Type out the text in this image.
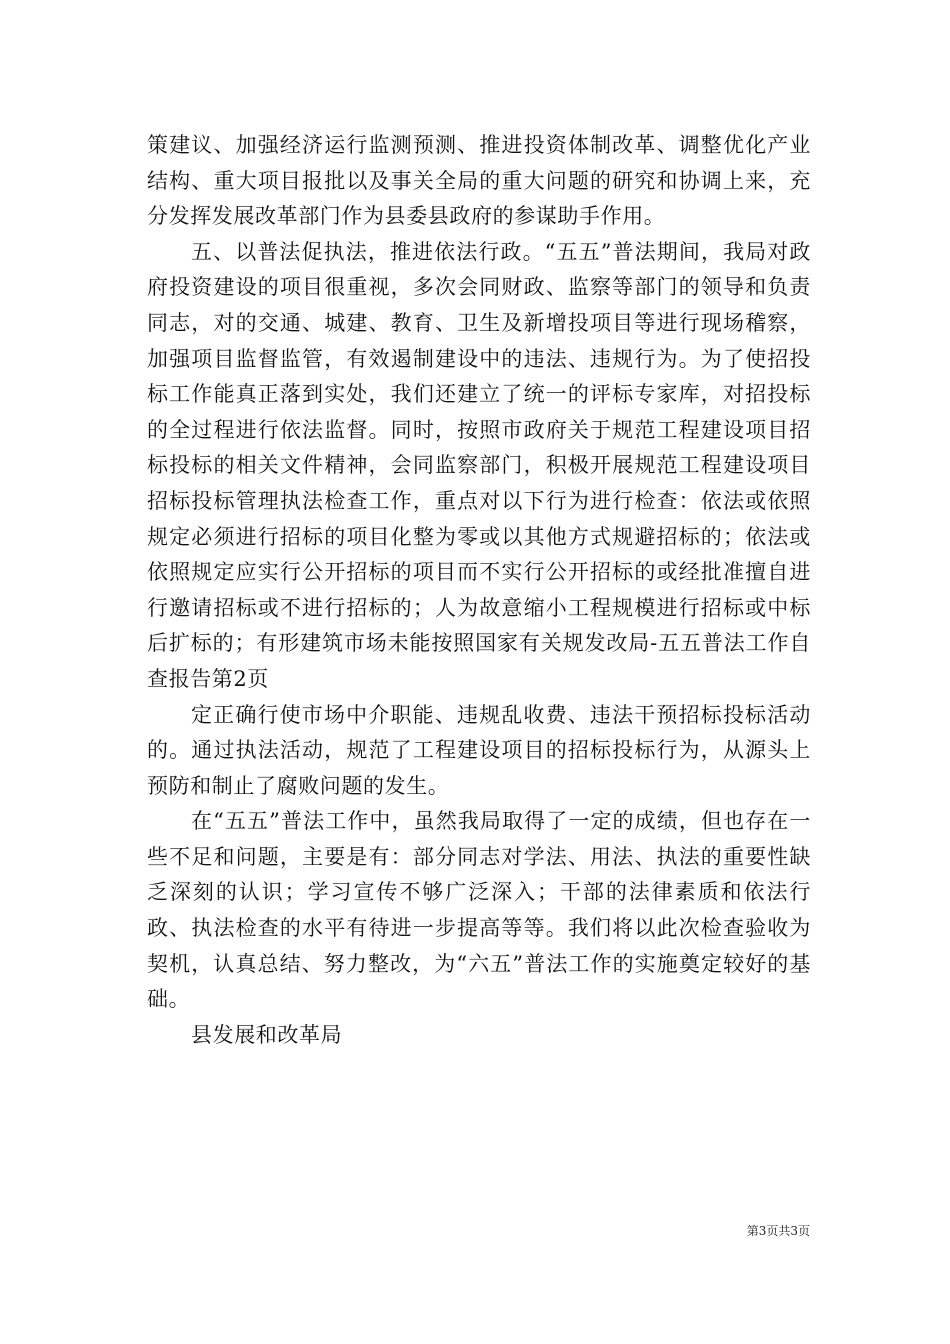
策建议、加强经济运行监测预测、推进投资体制改革、调整优化产业结构、重大项目报批以及事关全局的重大问题的研究和协调上来，充分发挥发展改革部门作为县委县政府的参谋助手作用。

五、以普法促执法，推进依法行政。“五五”普法期间，我局对政府投资建设的项目很重视，多次会同财政、监察等部门的领导和负责同志，对的交通、城建、教育、卫生及新增投项目等进行现场稽察，加强项目监督监管，有效遏制建设中的违法、违规行为。为了使招投标工作能真正落到实处，我们还建立了统一的评标专家库，对招投标的全过程进行依法监督。同时，按照市政府关于规范工程建设项目招标投标的相关文件精神，会同监察部门，积极开展规范工程建设项目招标投标管理执法检查工作，重点对以下行为进行检查：依法或依照规定必须进行招标的项目化整为零或以其他方式规避招标的；依法或依照规定应实行公开招标的项目而不实行公开招标的或经批准擅自进行邀请招标或不进行招标的；人为故意缩小工程规模进行招标或中标后扩标的；有形建筑市场未能按照国家有关规发改局-五五普法工作自查报告第2页

定正确行使市场中介职能、违规乱收费、违法干预招标投标活动的。通过执法活动，规范了工程建设项目的招标投标行为，从源头上预防和制止了腐败问题的发生。

在“五五”普法工作中，虽然我局取得了一定的成绩，但也存在一些不足和问题，主要是有：部分同志对学法、用法、执法的重要性缺乏深刻的认识；学习宣传不够广泛深入；干部的法律素质和依法行政、执法检查的水平有待进一步提高等等。我们将以此次检查验收为契机，认真总结、努力整改，为“六五”普法工作的实施奠定较好的基础。

县发展和改革局

第3页共3页
